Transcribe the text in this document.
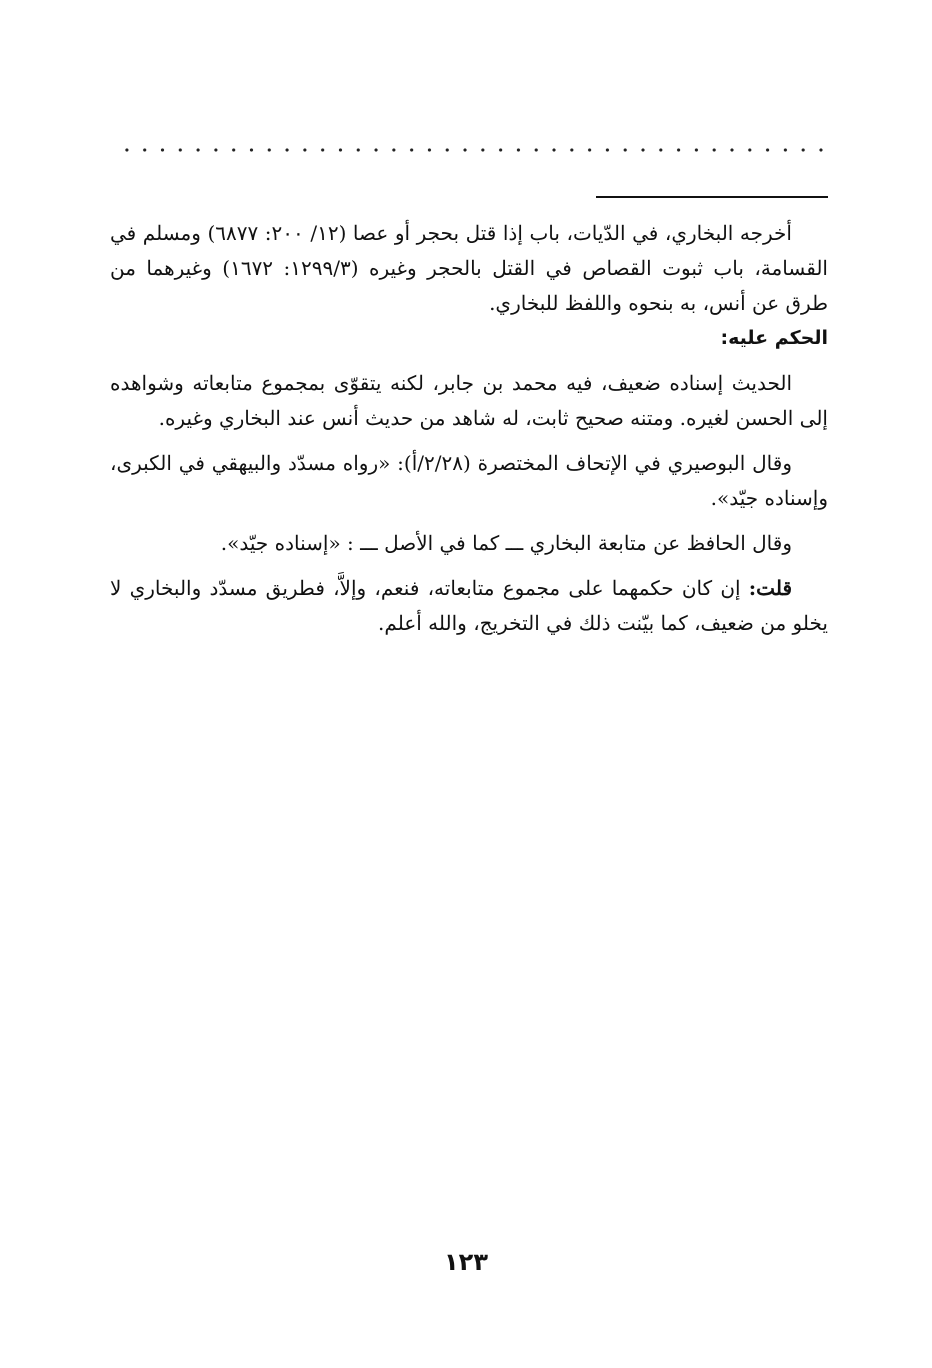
أخرجه البخاري، في الدّيات، باب إذا قتل بحجر أو عصا (١٢/ ٢٠٠: ٦٨٧٧) ومسلم في القسامة، باب ثبوت القصاص في القتل بالحجر وغيره (١٢٩٩/٣: ١٦٧٢) وغيرهما من طرق عن أنس، به بنحوه واللفظ للبخاري.

الحكم عليه:

الحديث إسناده ضعيف، فيه محمد بن جابر، لكنه يتقوّى بمجموع متابعاته وشواهده إلى الحسن لغيره. ومتنه صحيح ثابت، له شاهد من حديث أنس عند البخاري وغيره.

وقال البوصيري في الإتحاف المختصرة (٢/٢٨/أ): «رواه مسدّد والبيهقي في الكبرى، وإسناده جيّد».

وقال الحافظ عن متابعة البخاري ـــ كما في الأصل ـــ : «إسناده جيّد».

قلت: إن كان حكمهما على مجموع متابعاته، فنعم، وإلاَّ، فطريق مسدّد والبخاري لا يخلو من ضعيف، كما بيّنت ذلك في التخريج، والله أعلم.

١٢٣
